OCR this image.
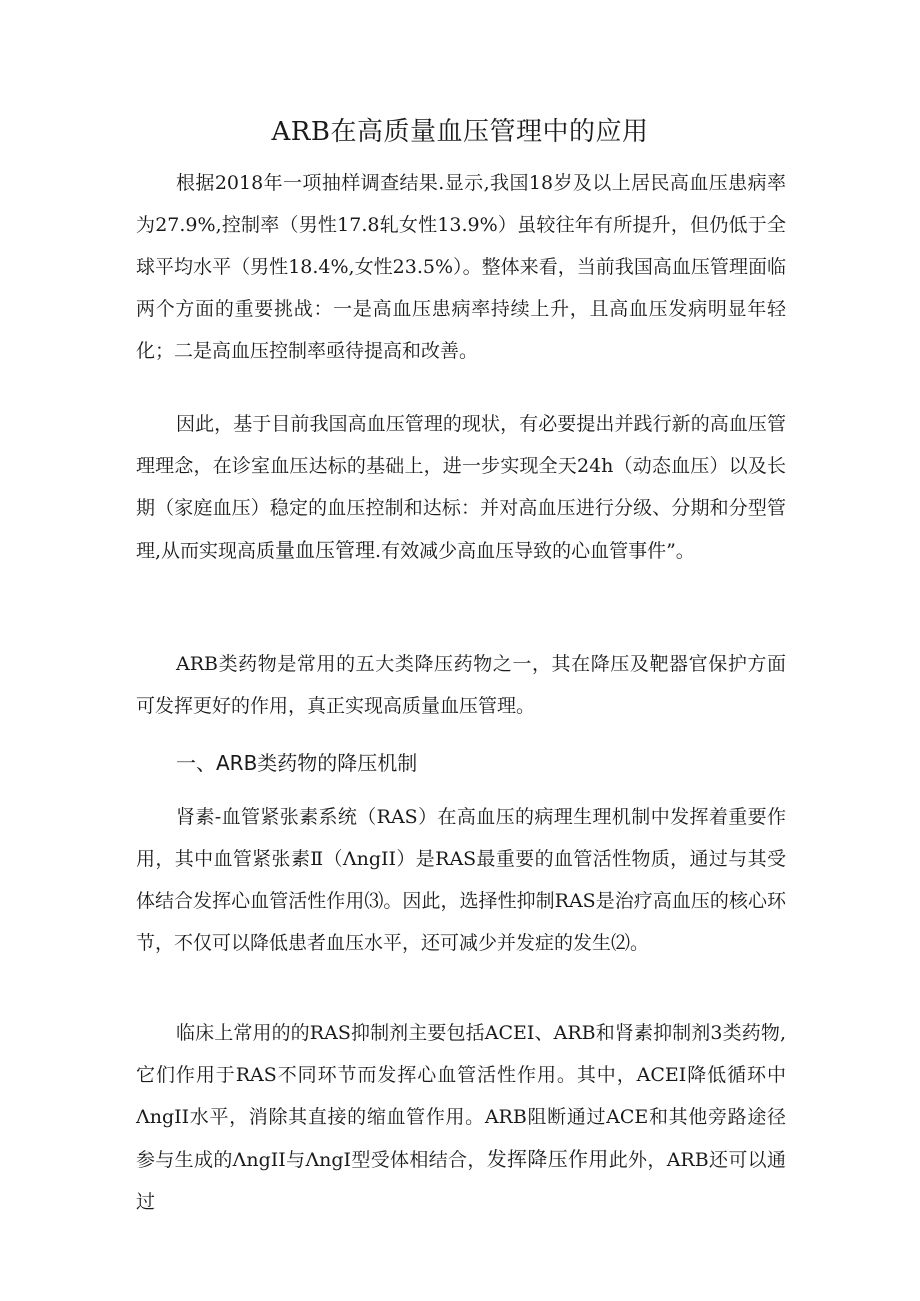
ARB在高质量血压管理中的应用

根据2018年一项抽样调查结果.显示,我国18岁及以上居民高血压患病率为27.9%,控制率（男性17.8轧女性13.9%）虽较往年有所提升，但仍低于全球平均水平（男性18.4%,女性23.5%）。整体来看，当前我国高血压管理面临两个方面的重要挑战：一是高血压患病率持续上升，且高血压发病明显年轻化；二是高血压控制率亟待提高和改善。

因此，基于目前我国高血压管理的现状，有必要提出并践行新的高血压管理理念，在诊室血压达标的基础上，进一步实现全天24h（动态血压）以及长期（家庭血压）稳定的血压控制和达标：并对高血压进行分级、分期和分型管理,从而实现高质量血压管理.有效减少高血压导致的心血管事件”。

ARB类药物是常用的五大类降压药物之一，其在降压及靶器官保护方面可发挥更好的作用，真正实现高质量血压管理。

一、ARB类药物的降压机制

肾素-血管紧张素系统（RAS）在高血压的病理生理机制中发挥着重要作用，其中血管紧张素Ⅱ（ΛngII）是RAS最重要的血管活性物质，通过与其受体结合发挥心血管活性作用⑶。因此，选择性抑制RAS是治疗高血压的核心环节，不仅可以降低患者血压水平，还可减少并发症的发生⑵。

临床上常用的的RAS抑制剂主要包括ACEI、ARB和肾素抑制剂3类药物,它们作用于RAS不同环节而发挥心血管活性作用。其中，ACEI降低循环中ΛngII水平，消除其直接的缩血管作用。ARB阻断通过ACE和其他旁路途径参与生成的ΛngII与ΛngI型受体相结合，发挥降压作用此外，ARB还可以通过
